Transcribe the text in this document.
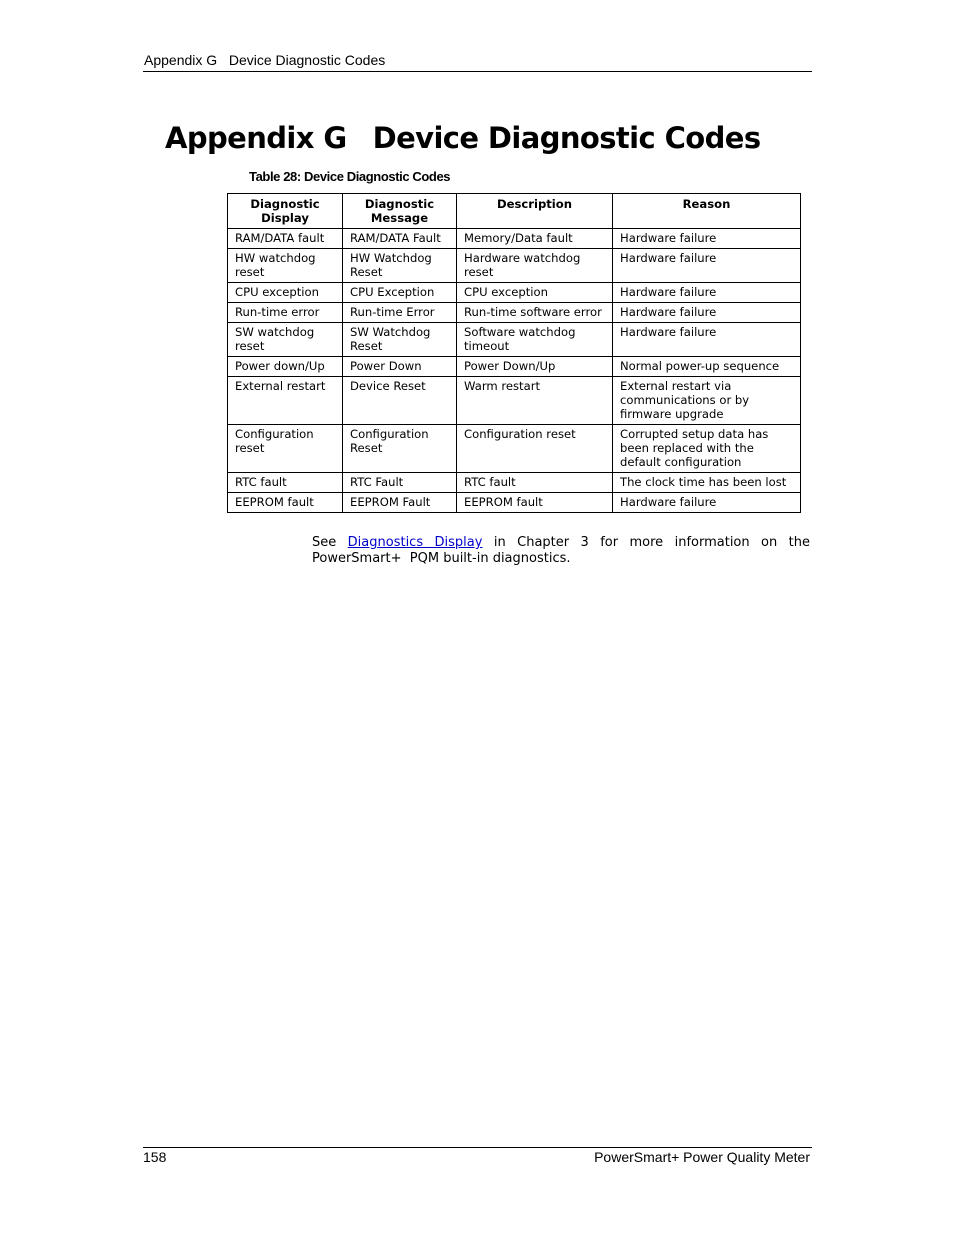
Appendix G   Device Diagnostic Codes
Appendix G Device Diagnostic Codes
Table 28: Device Diagnostic Codes
Diagnostic Display	Diagnostic Message	Description	Reason
RAM/DATA fault	RAM/DATA Fault	Memory/Data fault	Hardware failure
HW watchdog reset	HW Watchdog Reset	Hardware watchdog reset	Hardware failure
CPU exception	CPU Exception	CPU exception	Hardware failure
Run-time error	Run-time Error	Run-time software error	Hardware failure
SW watchdog reset	SW Watchdog Reset	Software watchdog timeout	Hardware failure
Power down/Up	Power Down	Power Down/Up	Normal power-up sequence
External restart	Device Reset	Warm restart	External restart via communications or by firmware upgrade
Configuration reset	Configuration Reset	Configuration reset	Corrupted setup data has been replaced with the default configuration
RTC fault	RTC Fault	RTC fault	The clock time has been lost
EEPROM fault	EEPROM Fault	EEPROM fault	Hardware failure

See Diagnostics Display in Chapter 3 for more information on the PowerSmart+  PQM built-in diagnostics.

158	PowerSmart+ Power Quality Meter
